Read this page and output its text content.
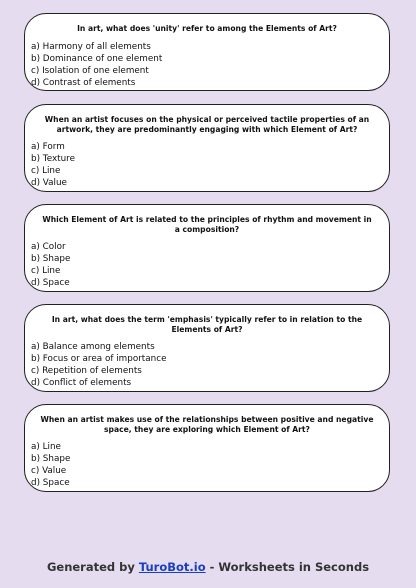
In art, what does 'unity' refer to among the Elements of Art?
a) Harmony of all elements
b) Dominance of one element
c) Isolation of one element
d) Contrast of elements
When an artist focuses on the physical or perceived tactile properties of an artwork, they are predominantly engaging with which Element of Art?
a) Form
b) Texture
c) Line
d) Value
Which Element of Art is related to the principles of rhythm and movement in a composition?
a) Color
b) Shape
c) Line
d) Space
In art, what does the term 'emphasis' typically refer to in relation to the Elements of Art?
a) Balance among elements
b) Focus or area of importance
c) Repetition of elements
d) Conflict of elements
When an artist makes use of the relationships between positive and negative space, they are exploring which Element of Art?
a) Line
b) Shape
c) Value
d) Space
Generated by TuroBot.io - Worksheets in Seconds
